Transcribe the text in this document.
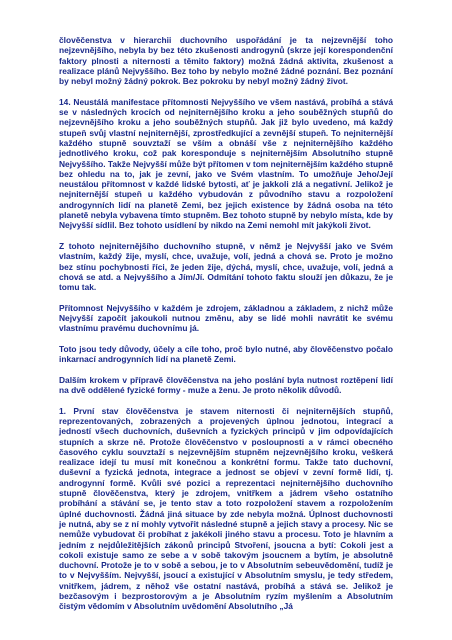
člověčenstva v hierarchii duchovního uspořádání je ta nejzevnější toho nejzevnějšího, nebyla by bez této zkušenosti androgynů (skrze její korespondenční faktory plnosti a niternosti a těmito faktory) možná žádná aktivita, zkušenost a realizace plánů Nejvyššího. Bez toho by nebylo možné žádné poznání. Bez poznání by nebyl možný žádný pokrok. Bez pokroku by nebyl možný žádný život.

14. Neustálá manifestace přítomnosti Nejvyššího ve všem nastává, probíhá a stává se v následných krocích od nejniternějšího kroku a jeho souběžných stupňů do nejzevnějšího kroku a jeho souběžných stupňů. Jak již bylo uvedeno, má každý stupeň svůj vlastní nejniternější, zprostředkující a zevnější stupeň. To nejniternější každého stupně souvztaží se vším a obnáší vše z nejniternějšího každého jednotlivého kroku, což pak koresponduje s nejniternějším Absolutního stupně Nejvyššího. Takže Nejvyšší může být přítomen v tom nejniternějším každého stupně bez ohledu na to, jak je zevní, jako ve Svém vlastním. To umožňuje Jeho/Její neustálou přítomnost v každé lidské bytosti, ať je jakkoli zlá a negativní. Jelikož je nejniternější stupeň u každého vybudován z původního stavu a rozpoložení androgynních lidí na planetě Zemi, bez jejich existence by žádná osoba na této planetě nebyla vybavena tímto stupněm. Bez tohoto stupně by nebylo místa, kde by Nejvyšší sídlil. Bez tohoto usídlení by nikdo na Zemi nemohl mít jakýkoli život.

Z tohoto nejniternějšího duchovního stupně, v němž je Nejvyšší jako ve Svém vlastním, každý žije, myslí, chce, uvažuje, volí, jedná a chová se. Proto je možno bez stínu pochybnosti říci, že jeden žije, dýchá, myslí, chce, uvažuje, volí, jedná a chová se atd. a Nejvyššího a Jím/Jí. Odmítání tohoto faktu slouží jen důkazu, že je tomu tak.

Přítomnost Nejvyššího v každém je zdrojem, základnou a základem, z nichž může Nejvyšší započít jakoukoli nutnou změnu, aby se lidé mohli navrátit ke svému vlastnímu pravému duchovnímu já.

Toto jsou tedy důvody, účely a cíle toho, proč bylo nutné, aby člověčenstvo počalo inkarnací androgynních lidí na planetě Zemi.

Dalším krokem v přípravě člověčenstva na jeho poslání byla nutnost roztěpení lidí na dvě oddělené fyzické formy - muže a ženu. Je proto několik důvodů.

1. První stav člověčenstva je stavem niternosti či nejniternějších stupňů, reprezentovaných, zobrazených a projevených úplnou jednotou, integrací a jedností všech duchovních, duševních a fyzických principů v jim odpovídajících stupních a skrze ně. Protože člověčenstvo v posloupnosti a v rámci obecného časového cyklu souvztaží s nejzevnějším stupněm nejzevnějšího kroku, veškerá realizace idejí tu musí mít konečnou a konkrétní formu. Takže tato duchovní, duševní a fyzická jednota, integrace a jednost se objeví v zevní formě lidí, tj. androgynní formě. Kvůli své pozici a reprezentaci nejniternějšího duchovního stupně člověčenstva, který je zdrojem, vnitřkem a jádrem všeho ostatního probíhání a stávání se, je tento stav a toto rozpoložení stavem a rozpoložením úplné duchovnosti. Žádná jiná situace by zde nebyla možná. Úplnost duchovnosti je nutná, aby se z ní mohly vytvořit následné stupně a jejich stavy a procesy. Nic se nemůže vybudovat či probíhat z jakékoli jiného stavu a procesu. Toto je hlavním a jedním z nejdůležitějších zákonů principů Stvoření, jsoucna a bytí: Cokoli jest a cokoli existuje samo ze sebe a v sobě takovým jsoucnem a bytím, je absolutně duchovní. Protože je to v sobě a sebou, je to v Absolutním sebeuvědomění, tudíž je to v Nejvyšším. Nejvyšší, jsoucí a existující v Absolutním smyslu, je tedy středem, vnitřkem, jádrem, z něhož vše ostatní nastává, probíhá a stává se. Jelikož je bezčasovým i bezprostorovým a je Absolutním ryzím myšlením a Absolutním čistým vědomím v Absolutním uvědomění Absolutního „Já
